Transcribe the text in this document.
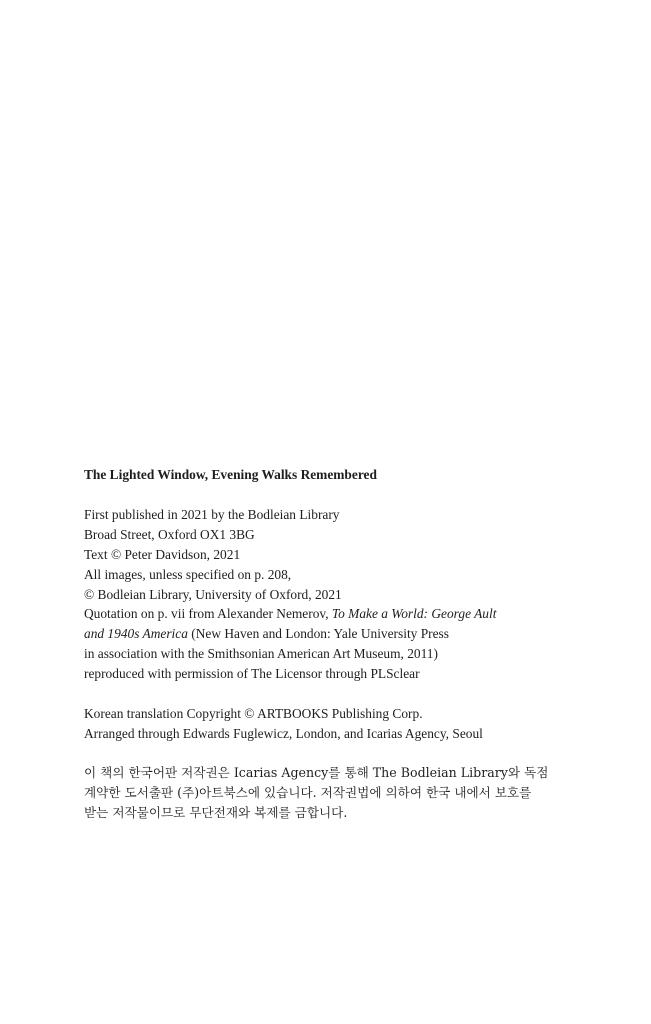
The Lighted Window, Evening Walks Remembered
First published in 2021 by the Bodleian Library
Broad Street, Oxford OX1 3BG
Text © Peter Davidson, 2021
All images, unless specified on p. 208,
© Bodleian Library, University of Oxford, 2021
Quotation on p. vii from Alexander Nemerov, To Make a World: George Ault
and 1940s America (New Haven and London: Yale University Press
in association with the Smithsonian American Art Museum, 2011)
reproduced with permission of The Licensor through PLSclear
Korean translation Copyright © ARTBOOKS Publishing Corp.
Arranged through Edwards Fuglewicz, London, and Icarias Agency, Seoul
이 책의 한국어판 저작권은 Icarias Agency를 통해 The Bodleian Library와 독점
계약한 도서출판 (주)아트북스에 있습니다. 저작권법에 의하여 한국 내에서 보호를
받는 저작물이므로 무단전재와 복제를 금합니다.
